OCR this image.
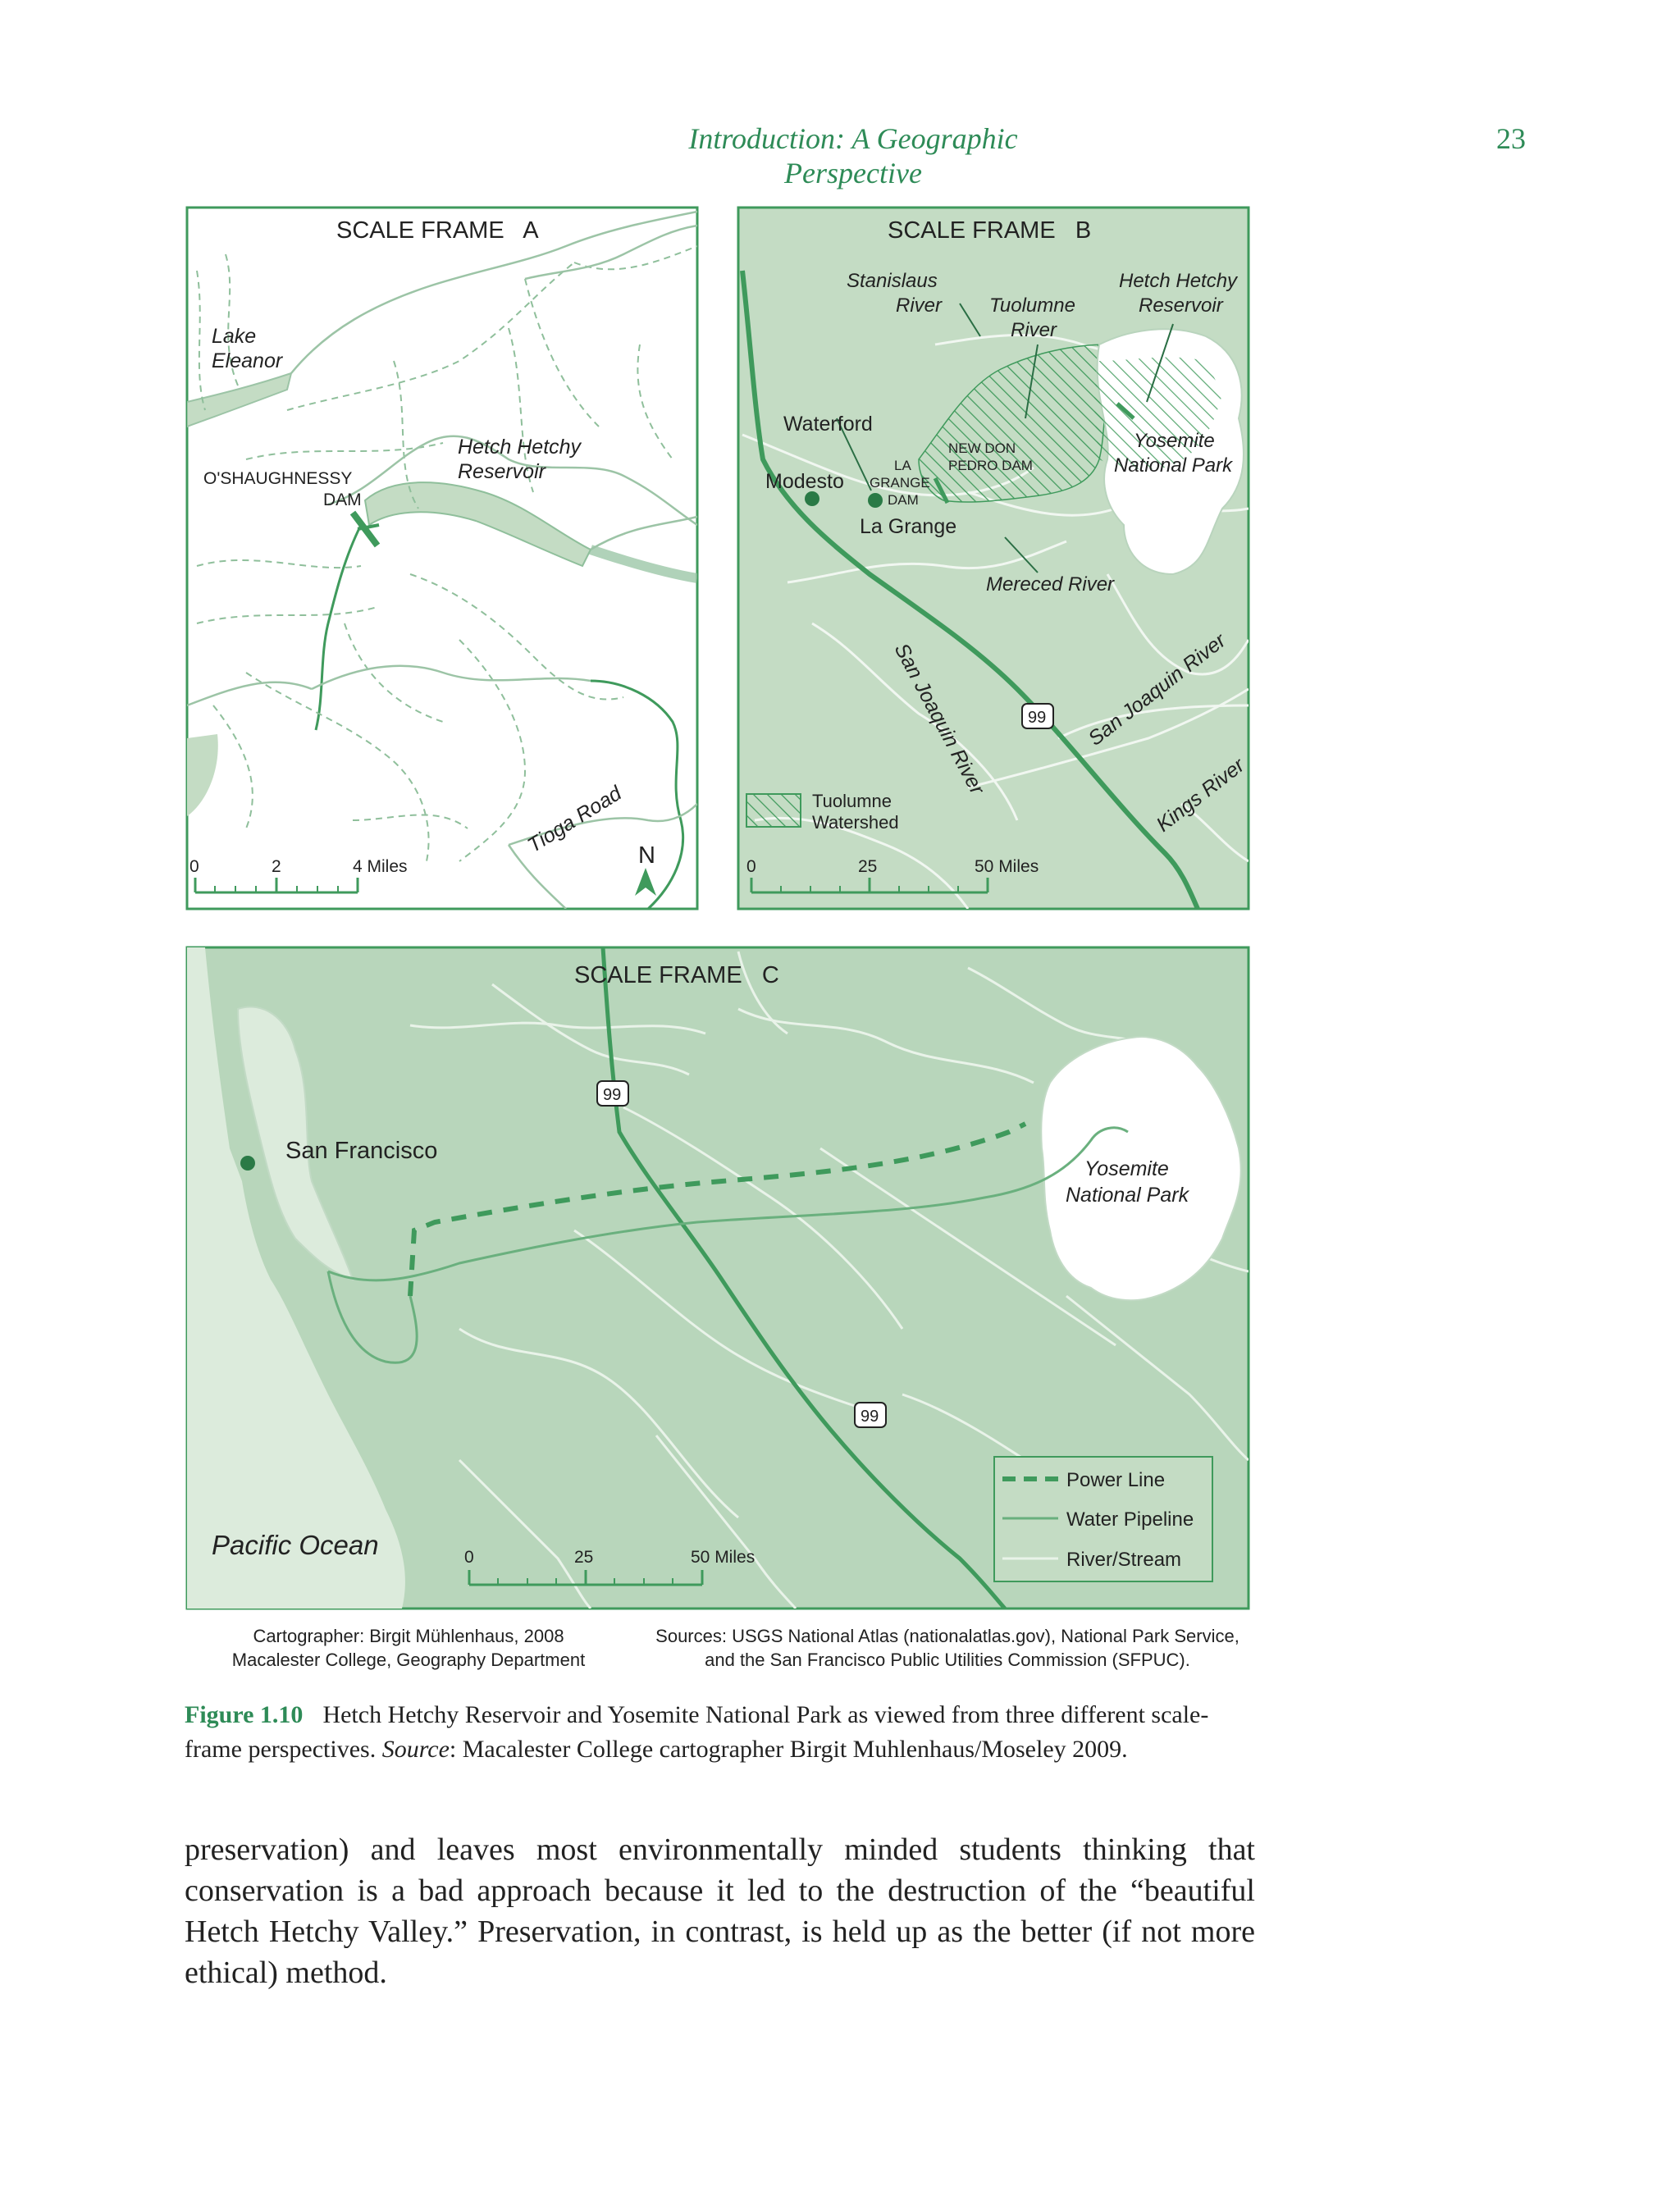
Introduction: A Geographic Perspective
23
SCALE FRAME   A
Lake
Eleanor
Hetch Hetchy
Reservoir
O'SHAUGHNESSY
DAM
Tioga Road N
0	2	4 Miles
SCALE FRAME   B
Stanislaus
River Tuolumne
River
Hetch Hetchy
Reservoir
Waterford
Modesto
LA
GRANGE
DAM
NEW DON
PEDRO DAM
Yosemite
National Park
La Grange
Mereced River
San Joaquin River	San Joaquin River
Kings River
99
Tuolumne
Watershed
0	25	50 Miles
SCALE FRAME   C
San Francisco
Yosemite
National Park
Pacific Ocean
99
99
Power Line
Water Pipeline
River/Stream
0	25	50 Miles
Cartographer: Birgit Mühlenhaus, 2008
Macalester College, Geography Department
Sources: USGS National Atlas (nationalatlas.gov), National Park Service,
and the San Francisco Public Utilities Commission (SFPUC).
Figure 1.10 Hetch Hetchy Reservoir and Yosemite National Park as viewed from three different scale-frame perspectives. Source: Macalester College cartographer Birgit Muhlenhaus/Moseley 2009.

preservation) and leaves most environmentally minded students thinking that conservation is a bad approach because it led to the destruction of the “beautiful Hetch Hetchy Valley.” Preservation, in contrast, is held up as the better (if not more ethical) method.
